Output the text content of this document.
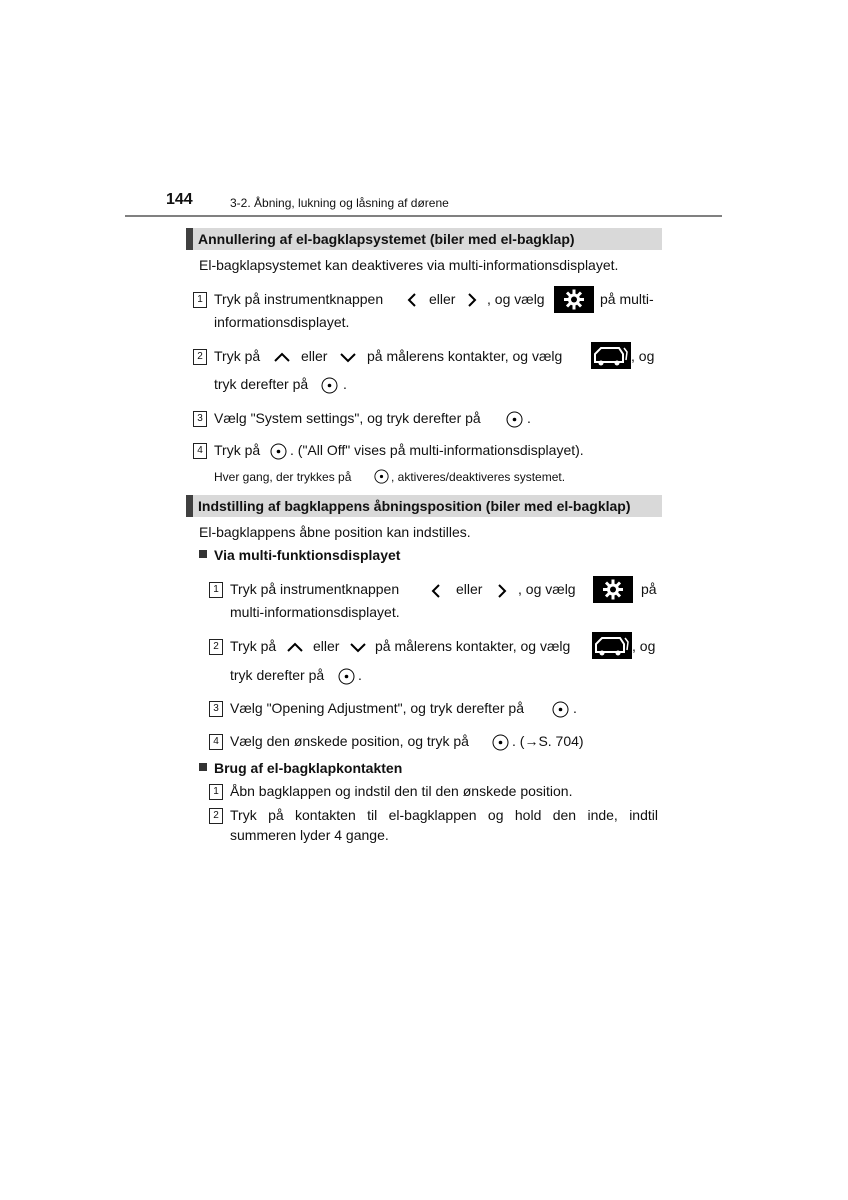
144	3-2. Åbning, lukning og låsning af dørene
Annullering af el-bagklapsystemet (biler med el-bagklap)
El-bagklapsystemet kan deaktiveres via multi-informationsdisplayet.
1 Tryk på instrumentknappen	eller , og vælg	på multi-
informationsdisplayet.
2 Tryk på	eller	på målerens kontakter, og vælg	, og
tryk derefter på .
3 Vælg "System settings", og tryk derefter på	.
4 Tryk på . ("All Off" vises på multi-informationsdisplayet).
Hver gang, der trykkes på	, aktiveres/deaktiveres systemet.
Indstilling af bagklappens åbningsposition (biler med el-bagklap)
El-bagklappens åbne position kan indstilles.
Via multi-funktionsdisplayet
1 Tryk på instrumentknappen	eller	, og vælg	på
multi-informationsdisplayet.
2 Tryk på	eller	på målerens kontakter, og vælg	, og
tryk derefter på .
3 Vælg "Opening Adjustment", og tryk derefter på	.
4 Vælg den ønskede position, og tryk på	. (→S. 704)
Brug af el-bagklapkontakten
1 Åbn bagklappen og indstil den til den ønskede position.
2 Tryk på kontakten til el-bagklappen og hold den inde, indtil
summeren lyder 4 gange.
